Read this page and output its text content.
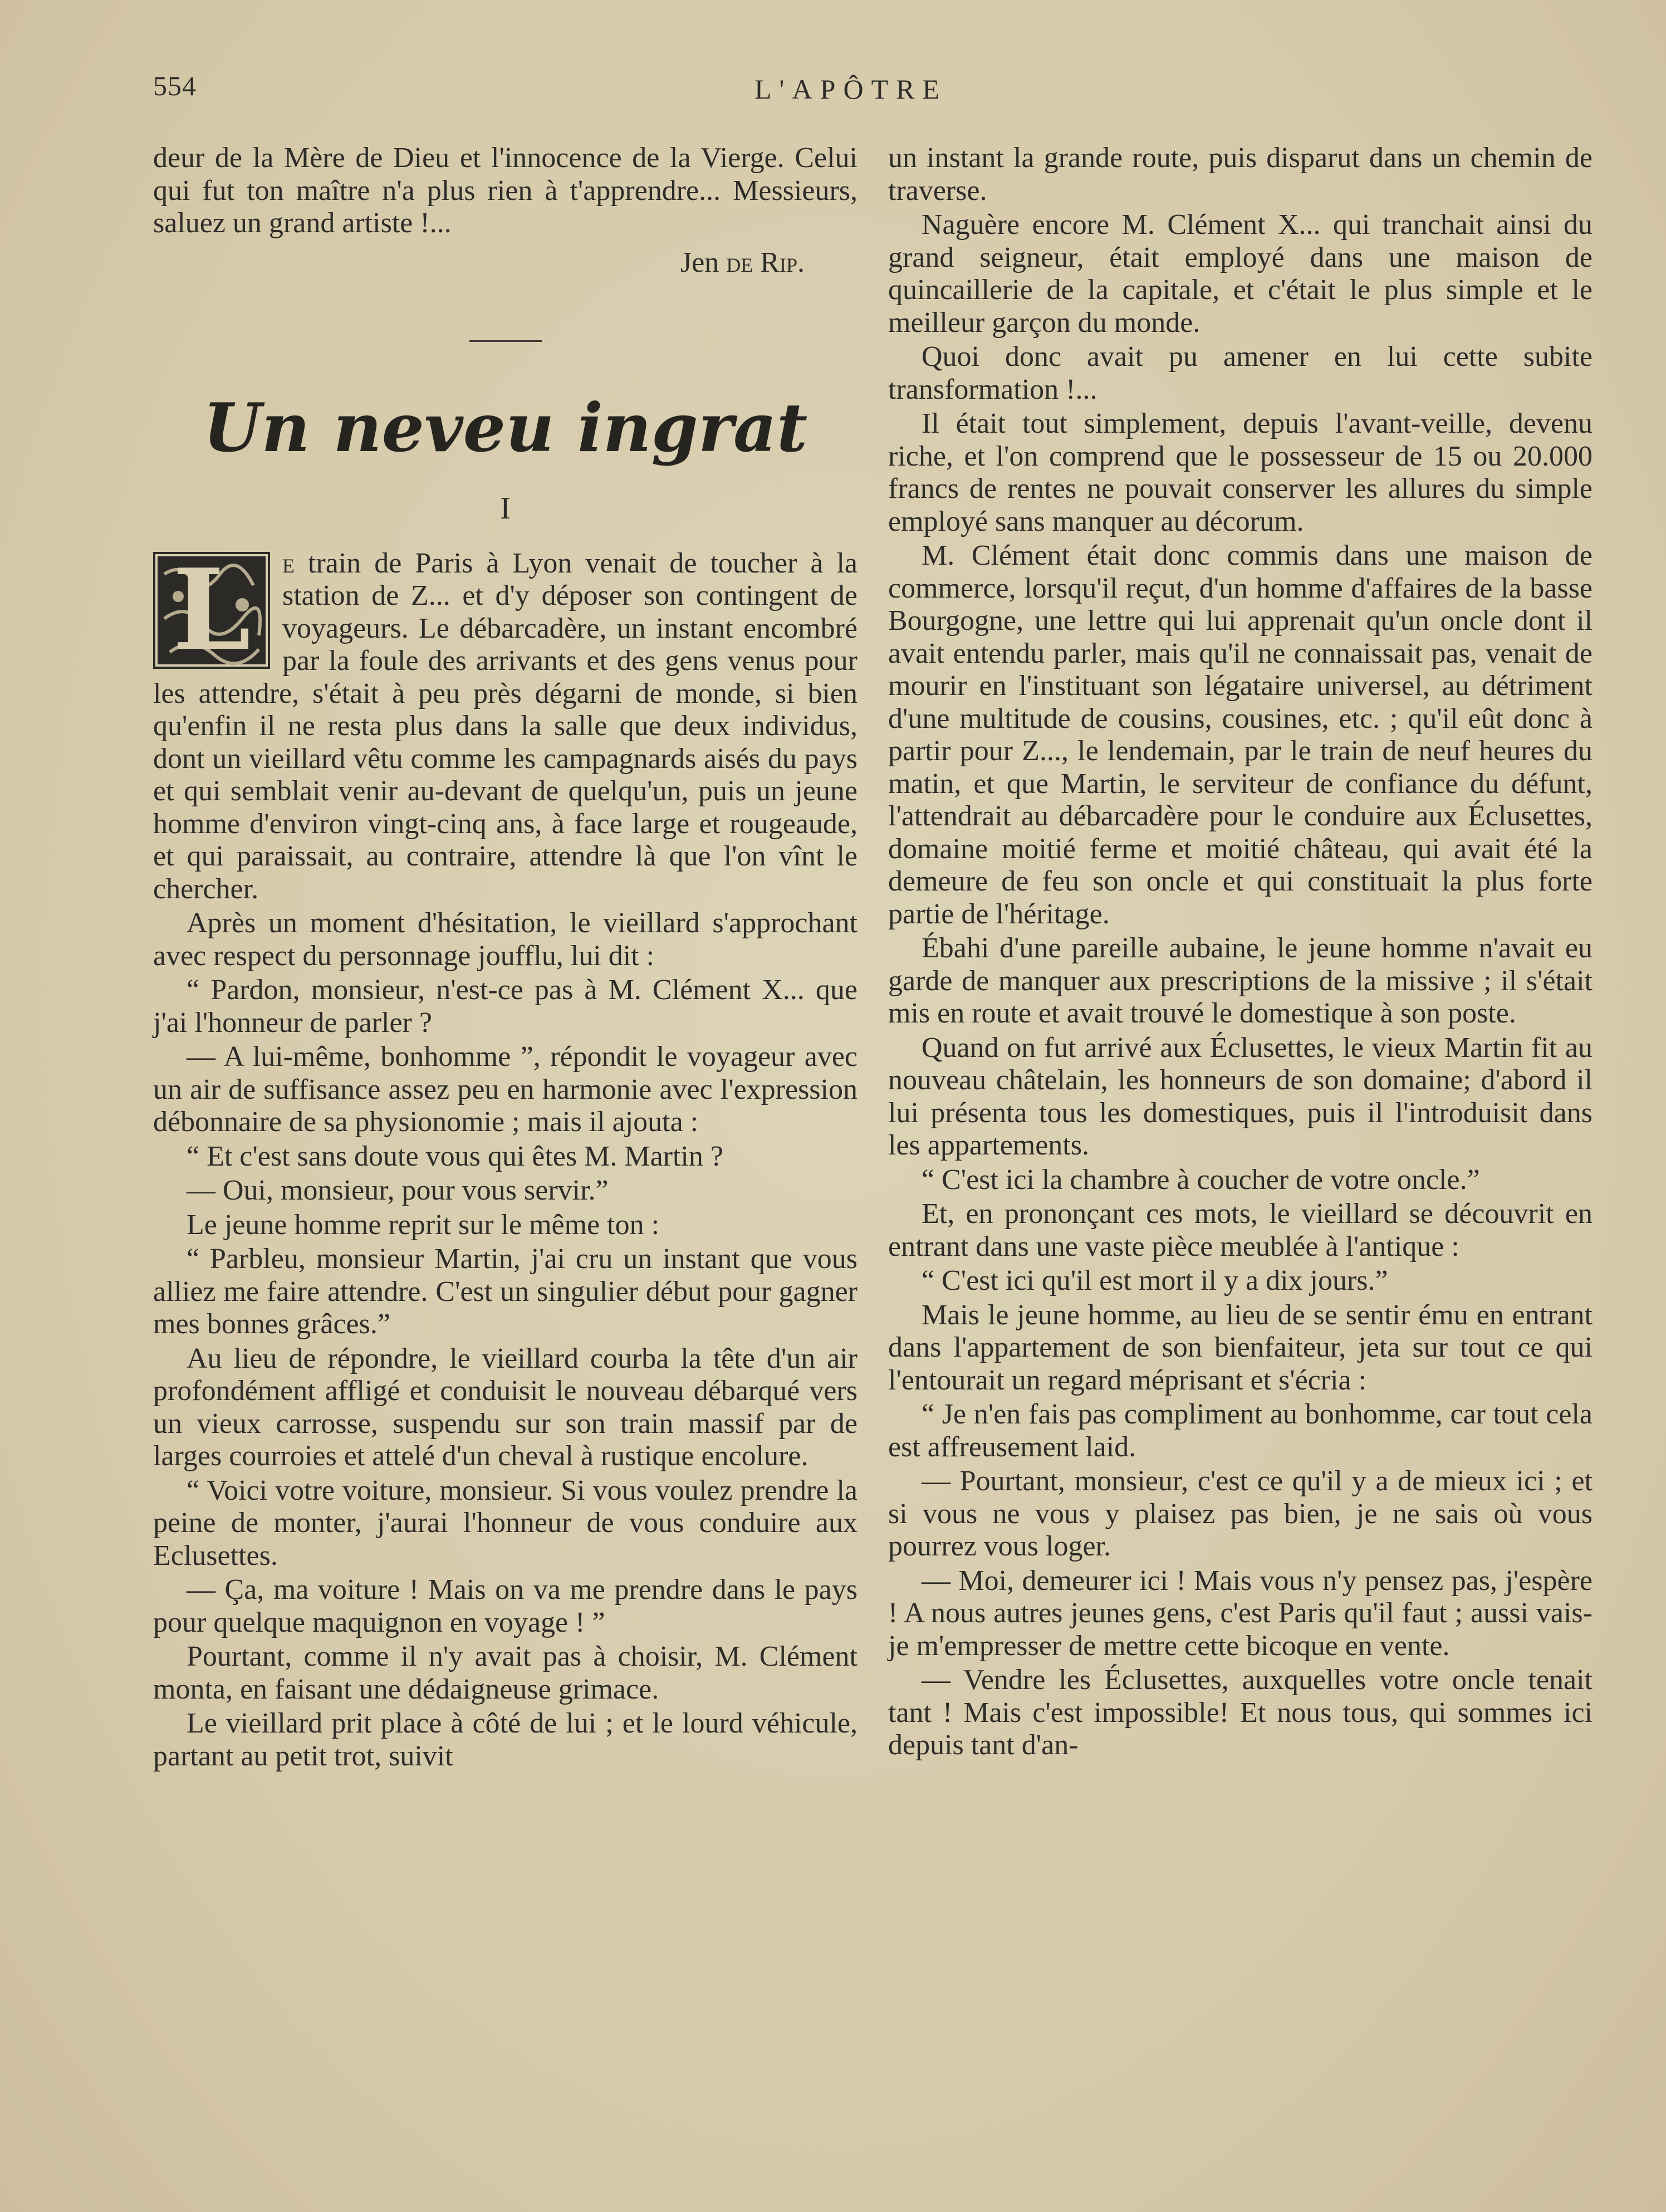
554	L'APÔTRE

deur de la Mère de Dieu et l'innocence de la Vierge. Celui qui fut ton maître n'a plus rien à t'apprendre... Messieurs, saluez un grand artiste !...

Jen de Rip.
Un neveu ingrat
I

L	e train de Paris à Lyon venait de toucher à la station de Z... et d'y déposer son contingent de voyageurs. Le débarcadère, un instant encombré par la foule des arrivants et des gens venus pour les attendre, s'était à peu près dégarni de monde, si bien qu'enfin il ne resta plus dans la salle que deux individus, dont un vieillard vêtu comme les campagnards aisés du pays et qui semblait venir au-devant de quelqu'un, puis un jeune homme d'environ vingt-cinq ans, à face large et rougeaude, et qui paraissait, au contraire, attendre là que l'on vînt le chercher.

Après un moment d'hésitation, le vieillard s'approchant avec respect du personnage joufflu, lui dit :

“ Pardon, monsieur, n'est-ce pas à M. Clément X... que j'ai l'honneur de parler ?

— A lui-même, bonhomme ”, répondit le voyageur avec un air de suffisance assez peu en harmonie avec l'expression débonnaire de sa physionomie ; mais il ajouta :

“ Et c'est sans doute vous qui êtes M. Martin ?

— Oui, monsieur, pour vous servir.”

Le jeune homme reprit sur le même ton :

“ Parbleu, monsieur Martin, j'ai cru un instant que vous alliez me faire attendre. C'est un singulier début pour gagner mes bonnes grâces.”

Au lieu de répondre, le vieillard courba la tête d'un air profondément affligé et conduisit le nouveau débarqué vers un vieux carrosse, suspendu sur son train massif par de larges courroies et attelé d'un cheval à rustique encolure.

“ Voici votre voiture, monsieur. Si vous voulez prendre la peine de monter, j'aurai l'honneur de vous conduire aux Eclusettes.

— Ça, ma voiture ! Mais on va me prendre dans le pays pour quelque maquignon en voyage ! ”

Pourtant, comme il n'y avait pas à choisir, M. Clément monta, en faisant une dédaigneuse grimace.

Le vieillard prit place à côté de lui ; et le lourd véhicule, partant au petit trot, suivit

un instant la grande route, puis disparut dans un chemin de traverse.

Naguère encore M. Clément X... qui tranchait ainsi du grand seigneur, était employé dans une maison de quincaillerie de la capitale, et c'était le plus simple et le meilleur garçon du monde.

Quoi donc avait pu amener en lui cette subite transformation !...

Il était tout simplement, depuis l'avant-veille, devenu riche, et l'on comprend que le possesseur de 15 ou 20.000 francs de rentes ne pouvait conserver les allures du simple employé sans manquer au décorum.

M. Clément était donc commis dans une maison de commerce, lorsqu'il reçut, d'un homme d'affaires de la basse Bourgogne, une lettre qui lui apprenait qu'un oncle dont il avait entendu parler, mais qu'il ne connaissait pas, venait de mourir en l'instituant son légataire universel, au détriment d'une multitude de cousins, cousines, etc. ; qu'il eût donc à partir pour Z..., le lendemain, par le train de neuf heures du matin, et que Martin, le serviteur de confiance du défunt, l'attendrait au débarcadère pour le conduire aux Éclusettes, domaine moitié ferme et moitié château, qui avait été la demeure de feu son oncle et qui constituait la plus forte partie de l'héritage.

Ébahi d'une pareille aubaine, le jeune homme n'avait eu garde de manquer aux prescriptions de la missive ; il s'était mis en route et avait trouvé le domestique à son poste.

Quand on fut arrivé aux Éclusettes, le vieux Martin fit au nouveau châtelain, les honneurs de son domaine; d'abord il lui présenta tous les domestiques, puis il l'introduisit dans les appartements.

“ C'est ici la chambre à coucher de votre oncle.”

Et, en prononçant ces mots, le vieillard se découvrit en entrant dans une vaste pièce meublée à l'antique :

“ C'est ici qu'il est mort il y a dix jours.”

Mais le jeune homme, au lieu de se sentir ému en entrant dans l'appartement de son bienfaiteur, jeta sur tout ce qui l'entourait un regard méprisant et s'écria :

“ Je n'en fais pas compliment au bonhomme, car tout cela est affreusement laid.

— Pourtant, monsieur, c'est ce qu'il y a de mieux ici ; et si vous ne vous y plaisez pas bien, je ne sais où vous pourrez vous loger.

— Moi, demeurer ici ! Mais vous n'y pensez pas, j'espère ! A nous autres jeunes gens, c'est Paris qu'il faut ; aussi vais-je m'empresser de mettre cette bicoque en vente.

— Vendre les Éclusettes, auxquelles votre oncle tenait tant ! Mais c'est impossible! Et nous tous, qui sommes ici depuis tant d'an-
